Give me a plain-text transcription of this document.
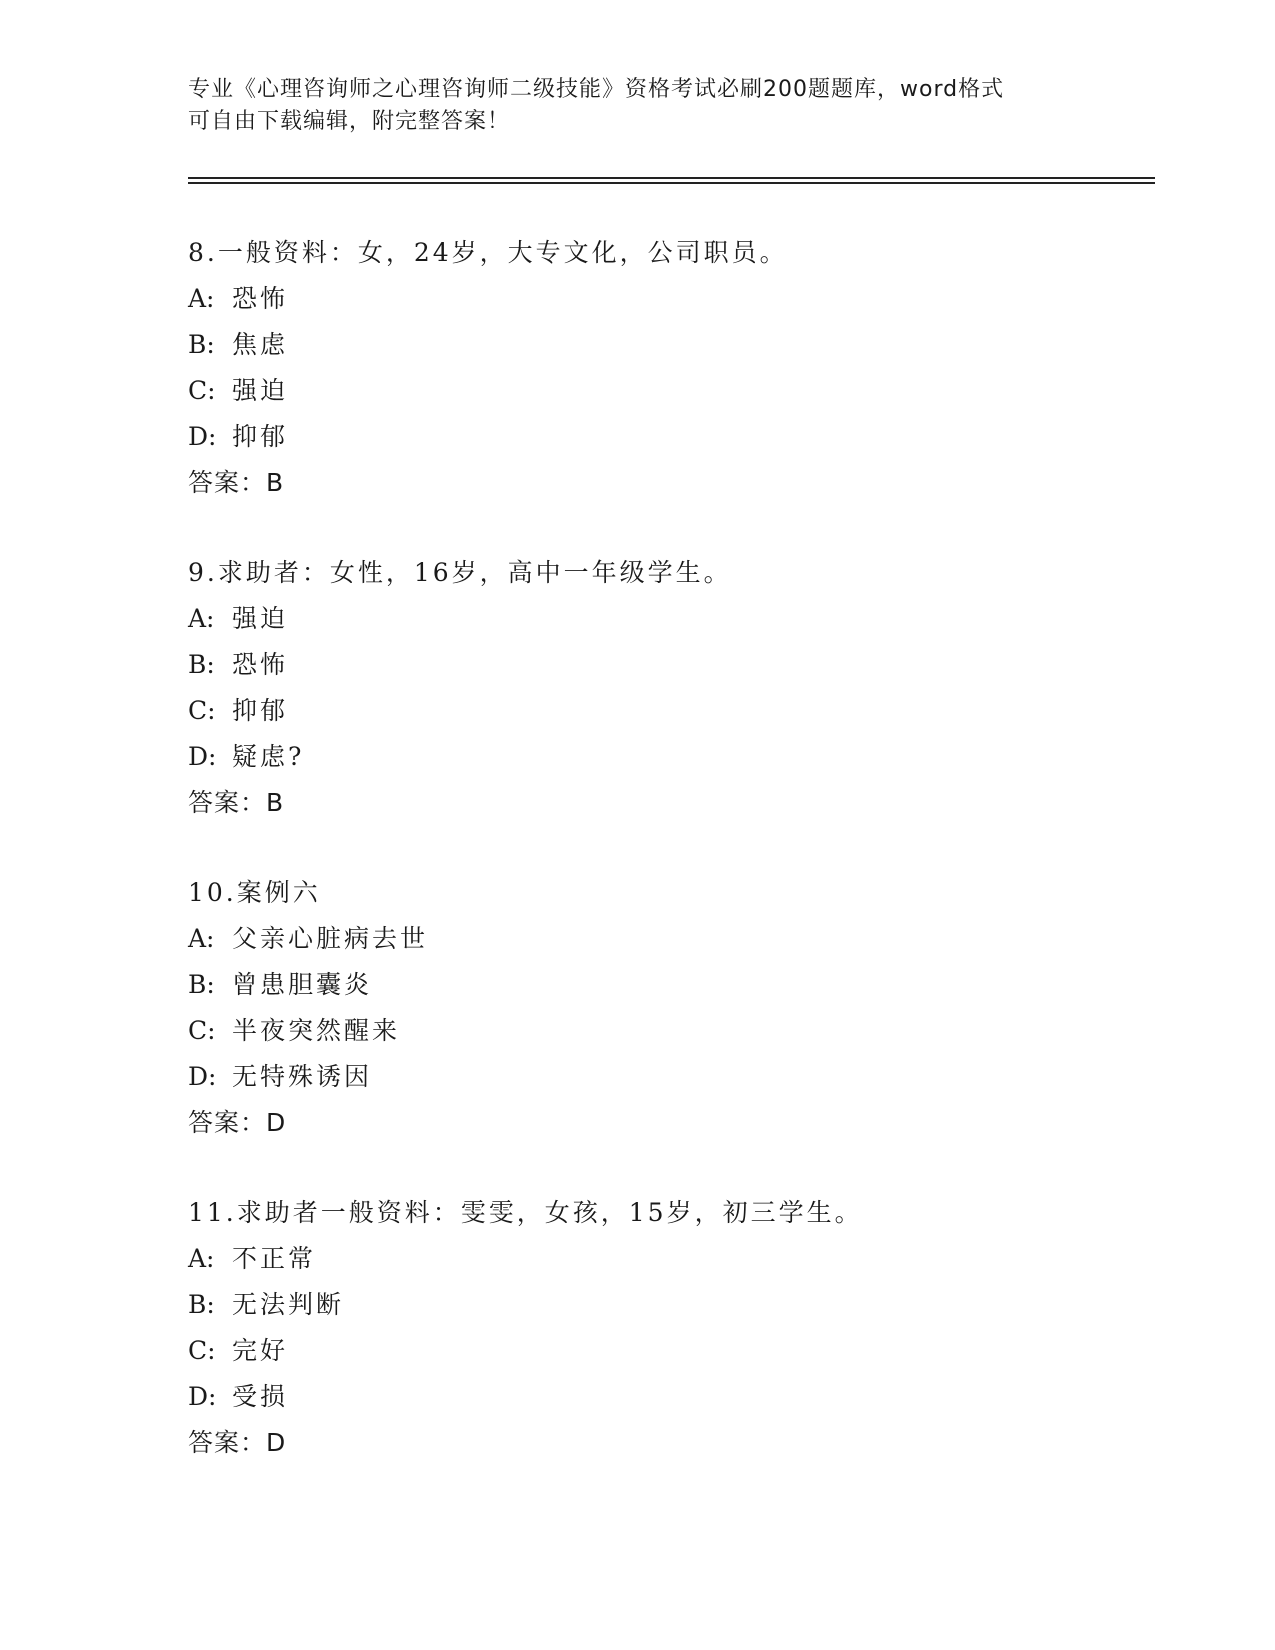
专业《心理咨询师之心理咨询师二级技能》资格考试必刷200题题库，word格式
可自由下载编辑，附完整答案！
8.一般资料：女，24岁，大专文化，公司职员。
A: 恐怖
B: 焦虑
C: 强迫
D: 抑郁
答案：B
9.求助者：女性，16岁，高中一年级学生。
A: 强迫
B: 恐怖
C: 抑郁
D: 疑虑?
答案：B
10.案例六
A: 父亲心脏病去世
B: 曾患胆囊炎
C: 半夜突然醒来
D: 无特殊诱因
答案：D
11.求助者一般资料：雯雯，女孩，15岁，初三学生。
A: 不正常
B: 无法判断
C: 完好
D: 受损
答案：D
